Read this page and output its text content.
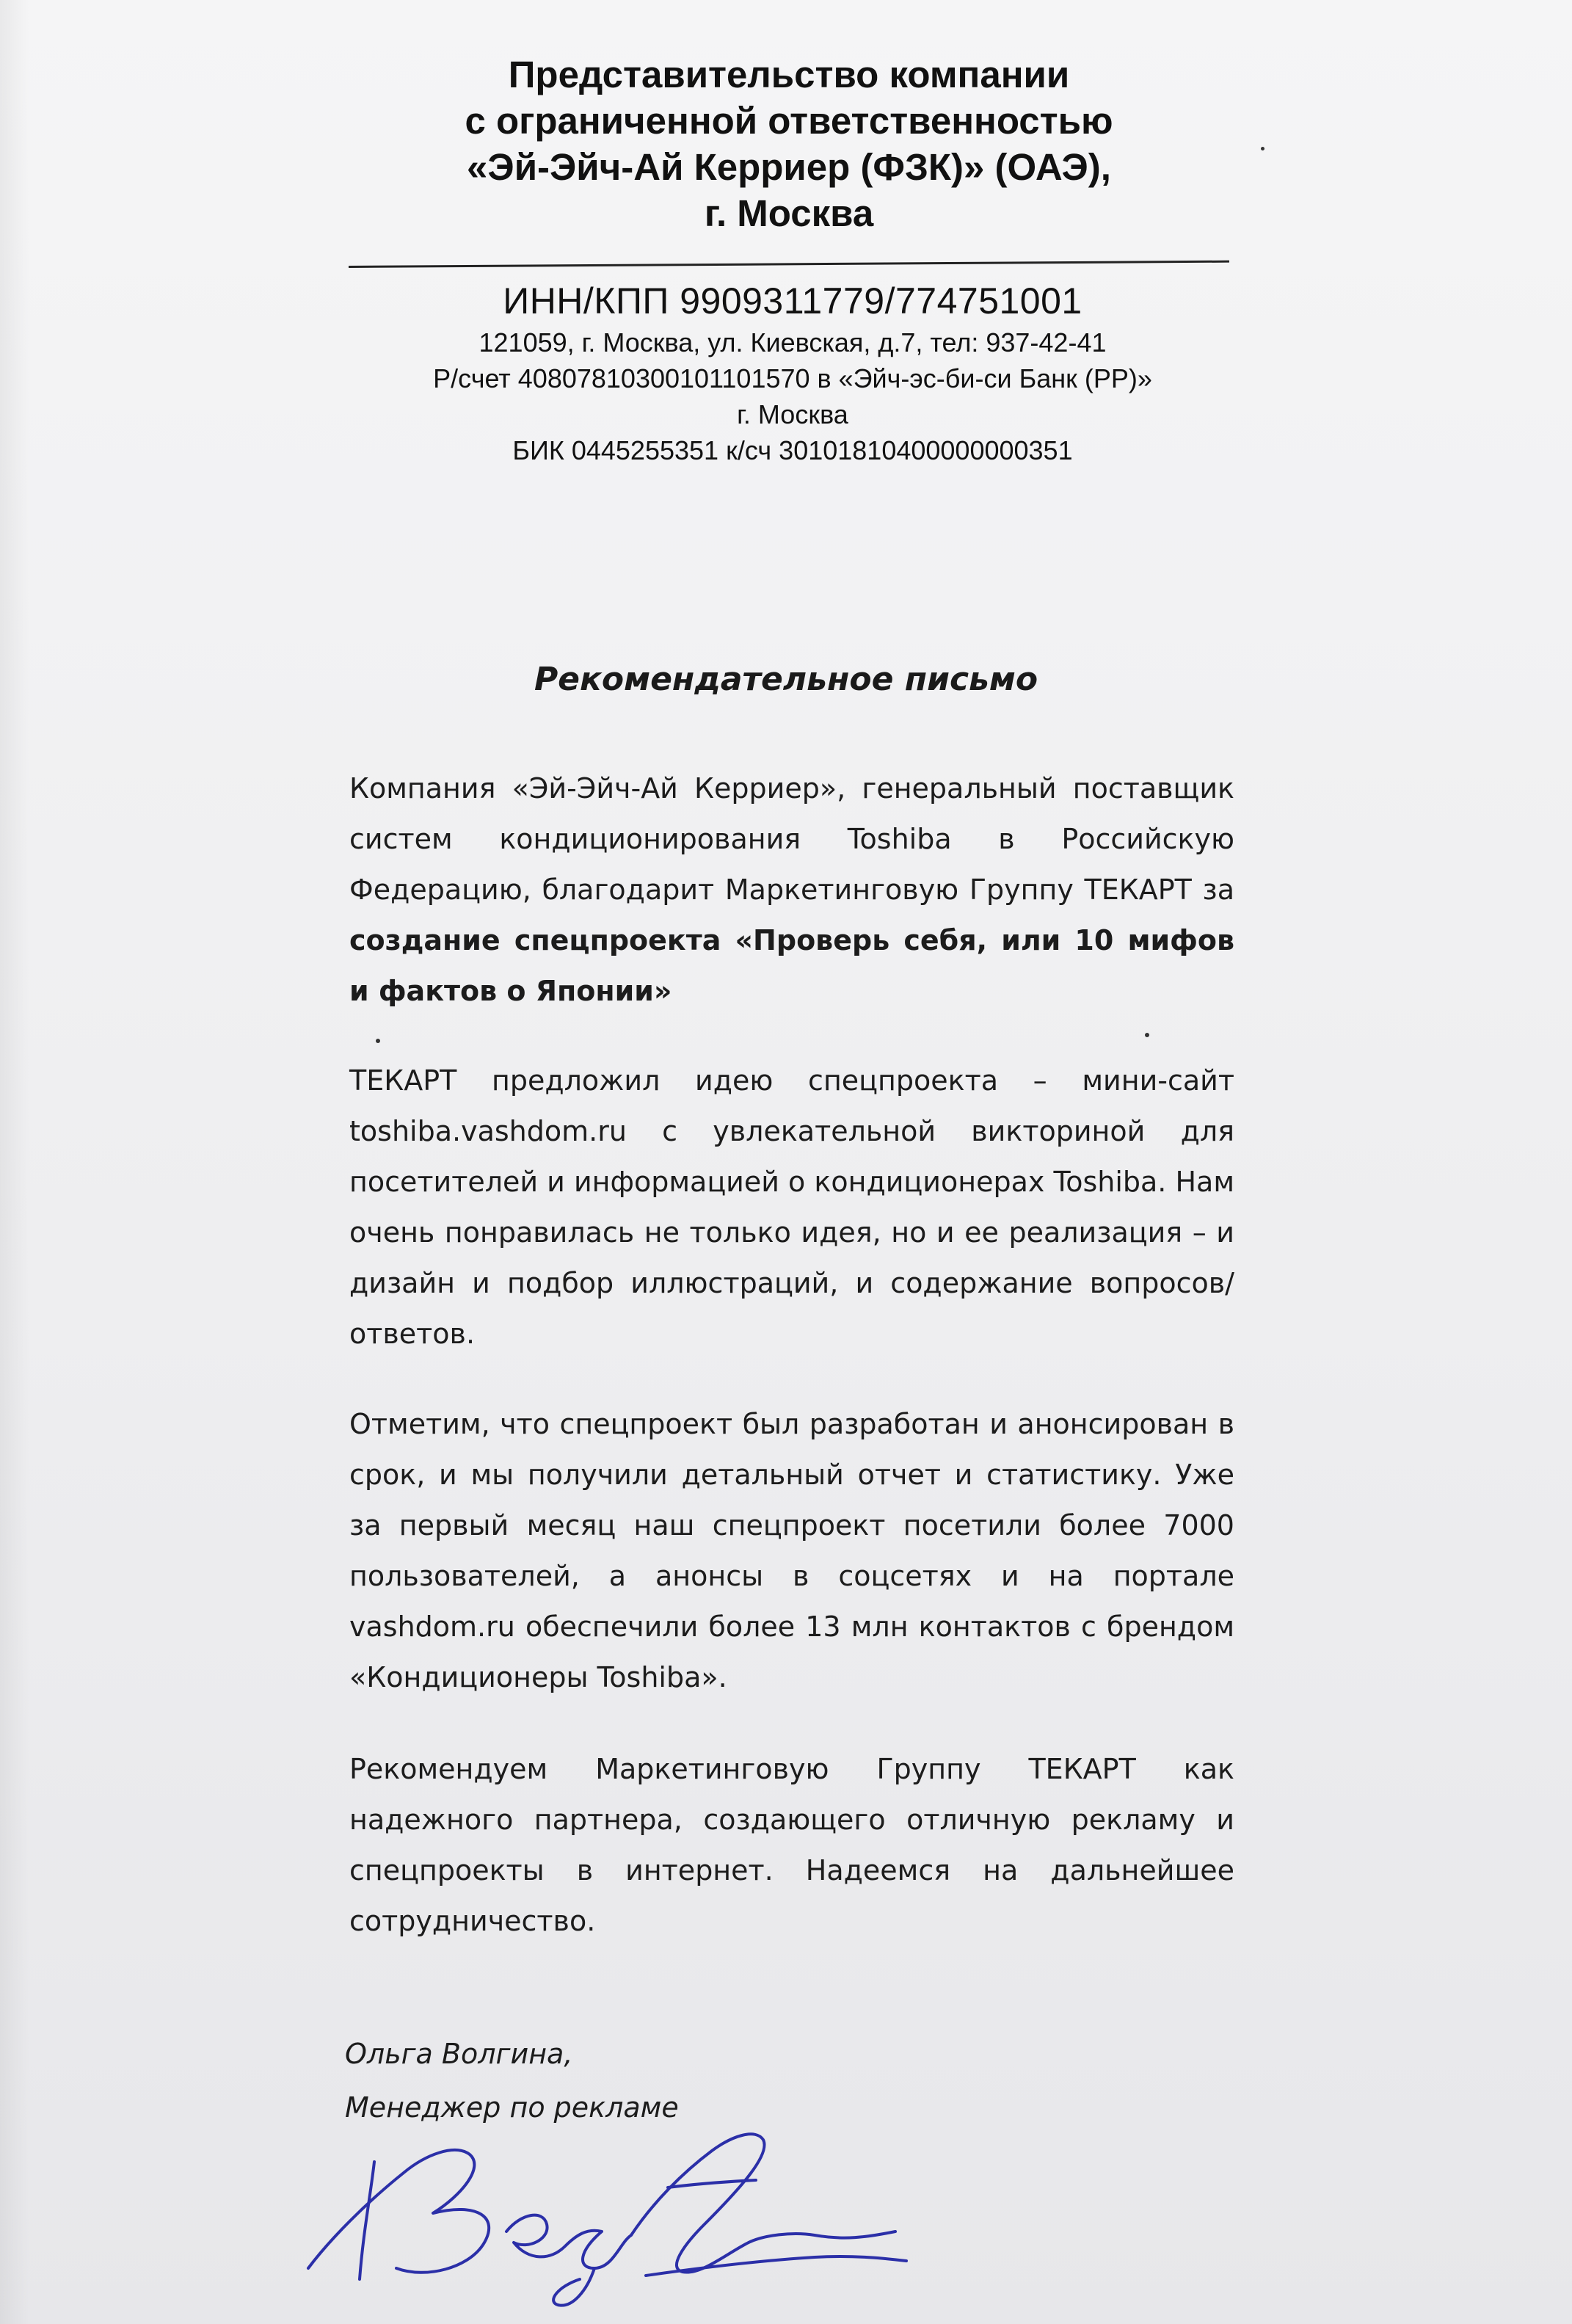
Представительство компании

с ограниченной ответственностью

«Эй-Эйч-Ай Керриер (ФЗК)» (ОАЭ),

г. Москва

ИНН/КПП 9909311779/774751001

121059, г. Москва, ул. Киевская, д.7, тел: 937-42-41

Р/счет 40807810300101101570 в «Эйч-эс-би-си Банк (РР)»

г. Москва

БИК 0445255351 к/сч 30101810400000000351

Рекомендательное письмо

Компания «Эй-Эйч-Ай Керриер», генеральный поставщик систем кондиционирования Toshiba в Российскую Федерацию, благодарит Маркетинговую Группу ТЕКАРТ за создание спецпроекта «Проверь себя, или 10 мифов и фактов о Японии»

ТЕКАРТ предложил идею спецпроекта – мини-сайт toshiba.vashdom.ru с увлекательной викториной для посетителей и информацией о кондиционерах Toshiba. Нам очень понравилась не только идея, но и ее реализация – и дизайн и подбор иллюстраций, и содержание вопросов/ответов.

Отметим, что спецпроект был разработан и анонсирован в срок, и мы получили детальный отчет и статистику. Уже за первый месяц наш спецпроект посетили более 7000 пользователей, а анонсы в соцсетях и на портале vashdom.ru обеспечили более 13 млн контактов с брендом «Кондиционеры Toshiba».

Рекомендуем Маркетинговую Группу ТЕКАРТ как надежного партнера, создающего отличную рекламу и спецпроекты в интернет. Надеемся на дальнейшее сотрудничество.

Ольга Волгина,

Менеджер по рекламе
